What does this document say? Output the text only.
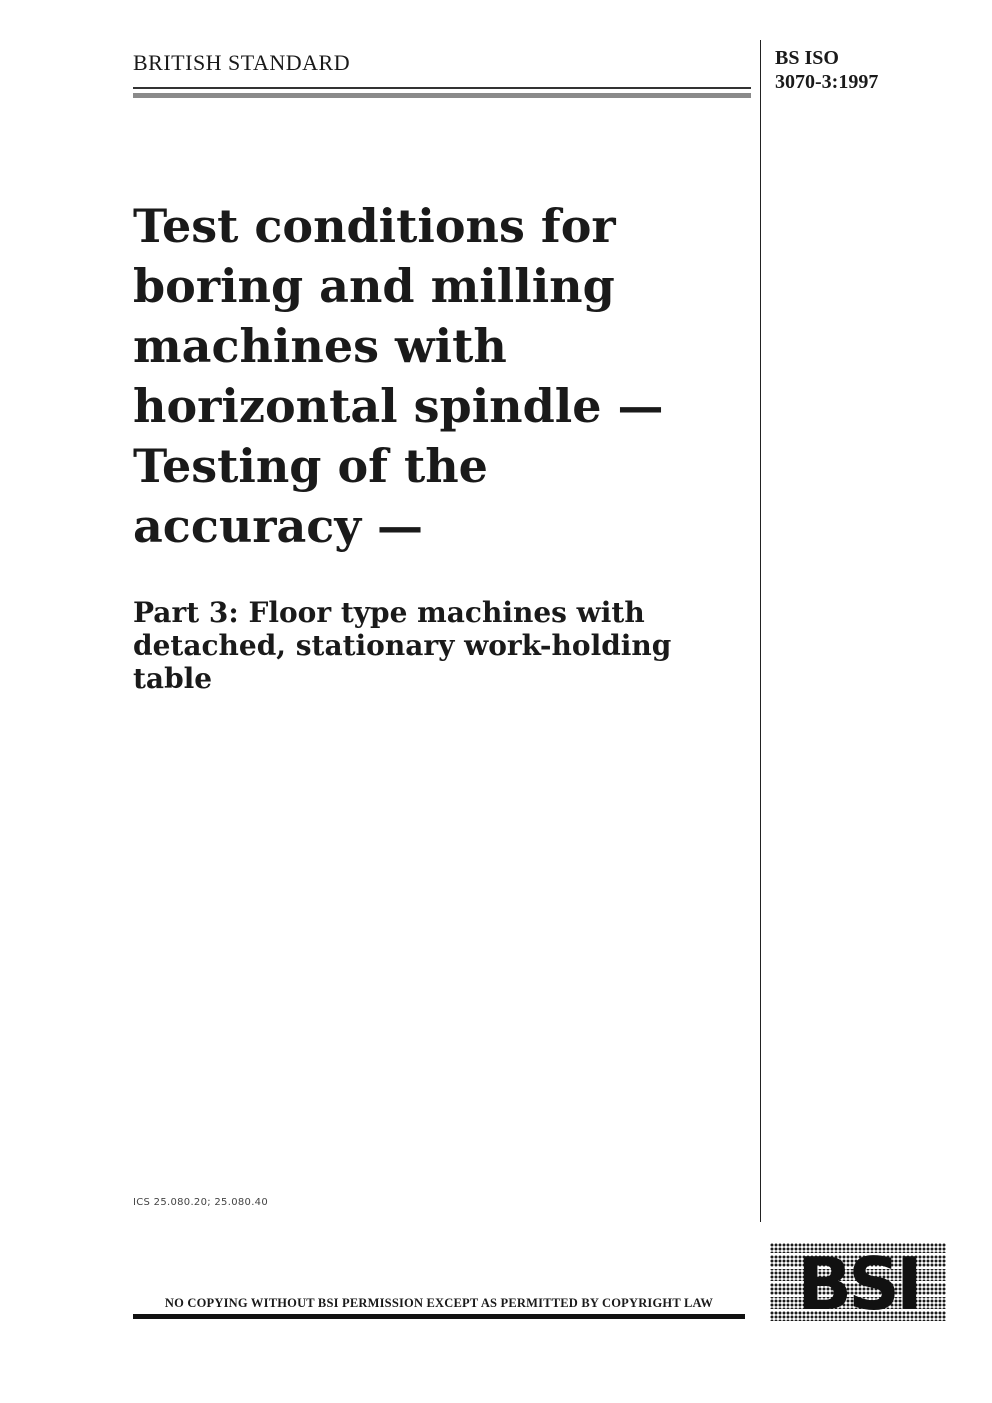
BRITISH STANDARD	BS ISO
3070-3:1997
Test conditions for
boring and milling
machines with
horizontal spindle —
Testing of the
accuracy —
Part 3: Floor type machines with
detached, stationary work-holding
table
ICS 25.080.20; 25.080.40
NO COPYING WITHOUT BSI PERMISSION EXCEPT AS PERMITTED BY COPYRIGHT LAW	BSI
